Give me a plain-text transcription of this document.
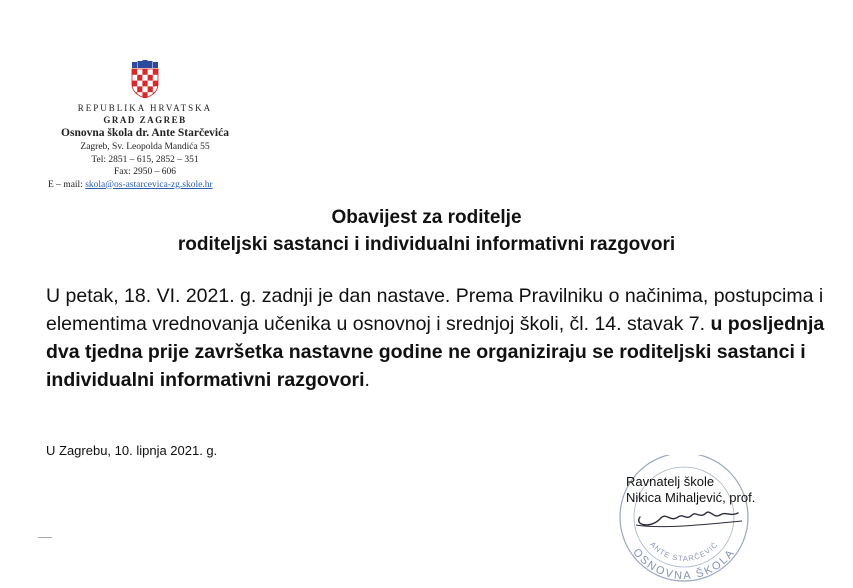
REPUBLIKA HRVATSKA
GRAD ZAGREB
Osnovna škola dr. Ante Starčevića
Zagreb, Sv. Leopolda Mandića 55
Tel: 2851 – 615, 2852 – 351
Fax: 2950 – 606
E – mail: skola@os-astarcevica-zg.skole.hr
Obavijest za roditelje
roditeljski sastanci i individualni informativni razgovori
U petak, 18. VI. 2021. g. zadnji je dan nastave. Prema Pravilniku o načinima, postupcima i elementima vrednovanja učenika u osnovnoj i srednjoj školi, čl. 14. stavak 7. u posljednja dva tjedna prije završetka nastavne godine ne organiziraju se roditeljski sastanci i individualni informativni razgovori.
U Zagrebu, 10. lipnja 2021. g.
OSNOVNA ŠKOLA
ANTE STARČEVIĆ
Ravnatelj škole
Nikica Mihaljević, prof.
